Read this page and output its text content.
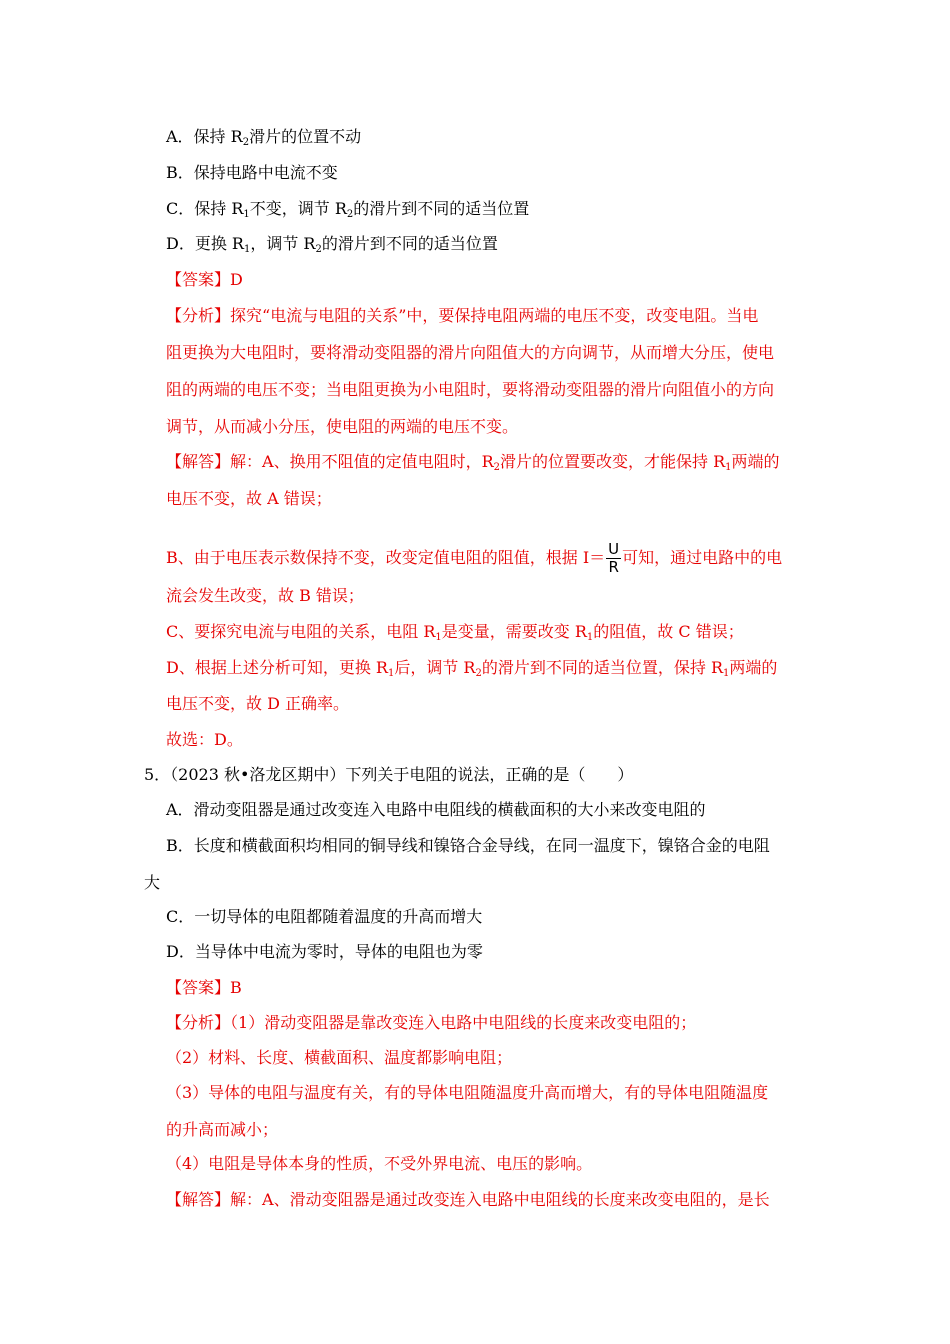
A．保持 $R_2$滑片的位置不动
B．保持电路中电流不变
C．保持 $R_1$不变，调节 $R_2$的滑片到不同的适当位置
D．更换 $R_1$，调节 $R_2$的滑片到不同的适当位置
【答案】D
【分析】探究“电流与电阻的关系”中，要保持电阻两端的电压不变，改变电阻。当电
阻更换为大电阻时，要将滑动变阻器的滑片向阻值大的方向调节，从而增大分压，使电
阻的两端的电压不变；当电阻更换为小电阻时，要将滑动变阻器的滑片向阻值小的方向
调节，从而减小分压，使电阻的两端的电压不变。
【解答】解：A、换用不阻值的定值电阻时，$R_2$滑片的位置要改变，才能保持 $R_1$两端的
电压不变，故 A 错误；
B、由于电压表示数保持不变，改变定值电阻的阻值，根据 $I= \frac{U}{R}$ 可知，通过电路中的电
流会发生改变，故 B 错误；
C、要探究电流与电阻的关系，电阻 $R_1$是变量，需要改变 $R_1$的阻值，故 C 错误；
D、根据上述分析可知，更换 $R_1$后，调节 $R_2$的滑片到不同的适当位置，保持 $R_1$两端的
电压不变，故 D 正确率。
故选：D。
5．（2023 秋•洛龙区期中）下列关于电阻的说法，正确的是（　　）
A．滑动变阻器是通过改变连入电路中电阻线的横截面积的大小来改变电阻的
B．长度和横截面积均相同的铜导线和镍铬合金导线，在同一温度下，镍铬合金的电阻
大
C．一切导体的电阻都随着温度的升高而增大
D．当导体中电流为零时，导体的电阻也为零
【答案】B
【分析】（1）滑动变阻器是靠改变连入电路中电阻线的长度来改变电阻的；
（2）材料、长度、横截面积、温度都影响电阻；
（3）导体的电阻与温度有关，有的导体电阻随温度升高而增大，有的导体电阻随温度
的升高而减小；
（4）电阻是导体本身的性质，不受外界电流、电压的影响。
【解答】解：A、滑动变阻器是通过改变连入电路中电阻线的长度来改变电阻的，是长
